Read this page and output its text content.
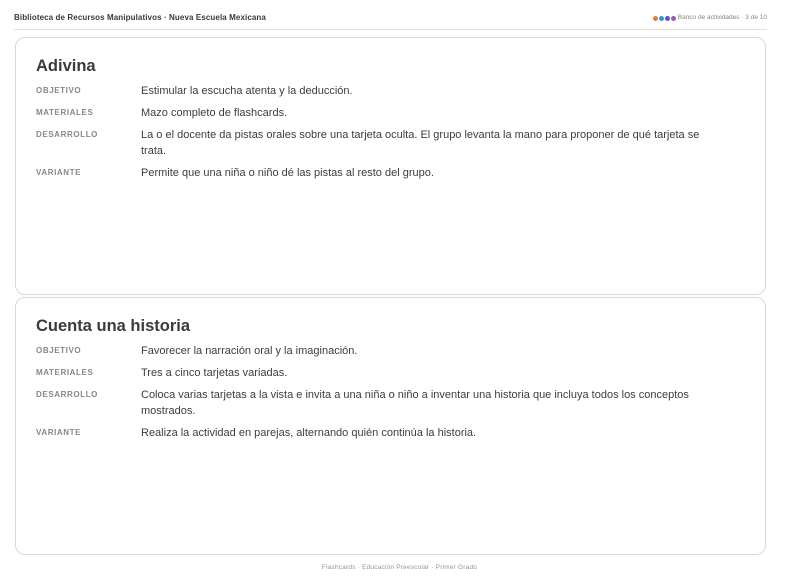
Biblioteca de Recursos Manipulativos · Nueva Escuela Mexicana	Banco de actividades · 3 de 10
Adivina
OBJETIVO	Estimular la escucha atenta y la deducción.
MATERIALES	Mazo completo de flashcards.
DESARROLLO	La o el docente da pistas orales sobre una tarjeta oculta. El grupo levanta la mano para proponer de qué tarjeta se trata.
VARIANTE	Permite que una niña o niño dé las pistas al resto del grupo.
Cuenta una historia
OBJETIVO	Favorecer la narración oral y la imaginación.
MATERIALES	Tres a cinco tarjetas variadas.
DESARROLLO	Coloca varias tarjetas a la vista e invita a una niña o niño a inventar una historia que incluya todos los conceptos mostrados.
VARIANTE	Realiza la actividad en parejas, alternando quién continúa la historia.
Flashcards · Educación Preescolar · Primer Grado
